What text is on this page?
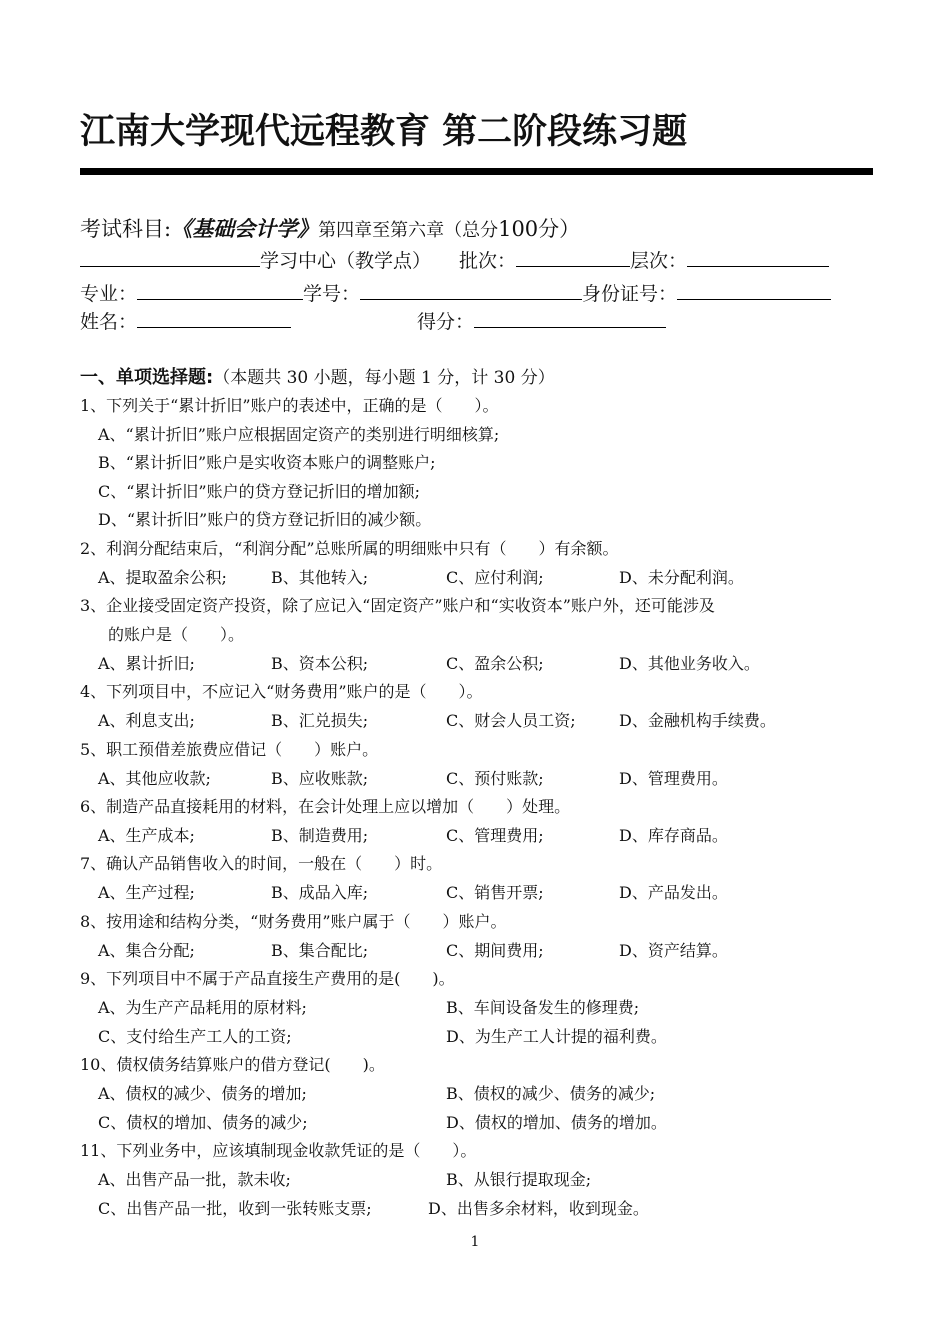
江南大学现代远程教育 第二阶段练习题
考试科目:《基础会计学》第四章至第六章（总分100分）
学习中心（教学点） 批次：	层次：
专业：	学号：	身份证号：
姓名：	得分：
一、单项选择题:（本题共 30 小题，每小题 1 分，计 30 分）
1、下列关于“累计折旧”账户的表述中，正确的是（　　）。
A、“累计折旧”账户应根据固定资产的类别进行明细核算;
B、“累计折旧”账户是实收资本账户的调整账户;
C、“累计折旧”账户的贷方登记折旧的增加额;
D、“累计折旧”账户的贷方登记折旧的减少额。
2、利润分配结束后，“利润分配”总账所属的明细账中只有（　　）有余额。
A、提取盈余公积;	B、其他转入;	C、应付利润;	D、未分配利润。
3、企业接受固定资产投资，除了应记入“固定资产”账户和“实收资本”账户外，还可能涉及
的账户是（　　）。
A、累计折旧;	B、资本公积;	C、盈余公积;	D、其他业务收入。
4、下列项目中，不应记入“财务费用”账户的是（　　）。
A、利息支出;	B、汇兑损失;	C、财会人员工资;	D、金融机构手续费。
5、职工预借差旅费应借记（　　）账户。
A、其他应收款;	B、应收账款;	C、预付账款;	D、管理费用。
6、制造产品直接耗用的材料，在会计处理上应以增加（　　）处理。
A、生产成本;	B、制造费用;	C、管理费用;	D、库存商品。
7、确认产品销售收入的时间，一般在（　　）时。
A、生产过程;	B、成品入库;	C、销售开票;	D、产品发出。
8、按用途和结构分类，“财务费用”账户属于（　　）账户。
A、集合分配;	B、集合配比;	C、期间费用;	D、资产结算。
9、下列项目中不属于产品直接生产费用的是(　　)。
A、为生产产品耗用的原材料;	B、车间设备发生的修理费;
C、支付给生产工人的工资;	D、为生产工人计提的福利费。
10、债权债务结算账户的借方登记(　　)。
A、债权的减少、债务的增加;	B、债权的减少、债务的减少;
C、债权的增加、债务的减少;	D、债权的增加、债务的增加。
11、下列业务中，应该填制现金收款凭证的是（　　）。
A、出售产品一批，款未收;	B、从银行提取现金;
C、出售产品一批，收到一张转账支票;	D、出售多余材料，收到现金。
1
